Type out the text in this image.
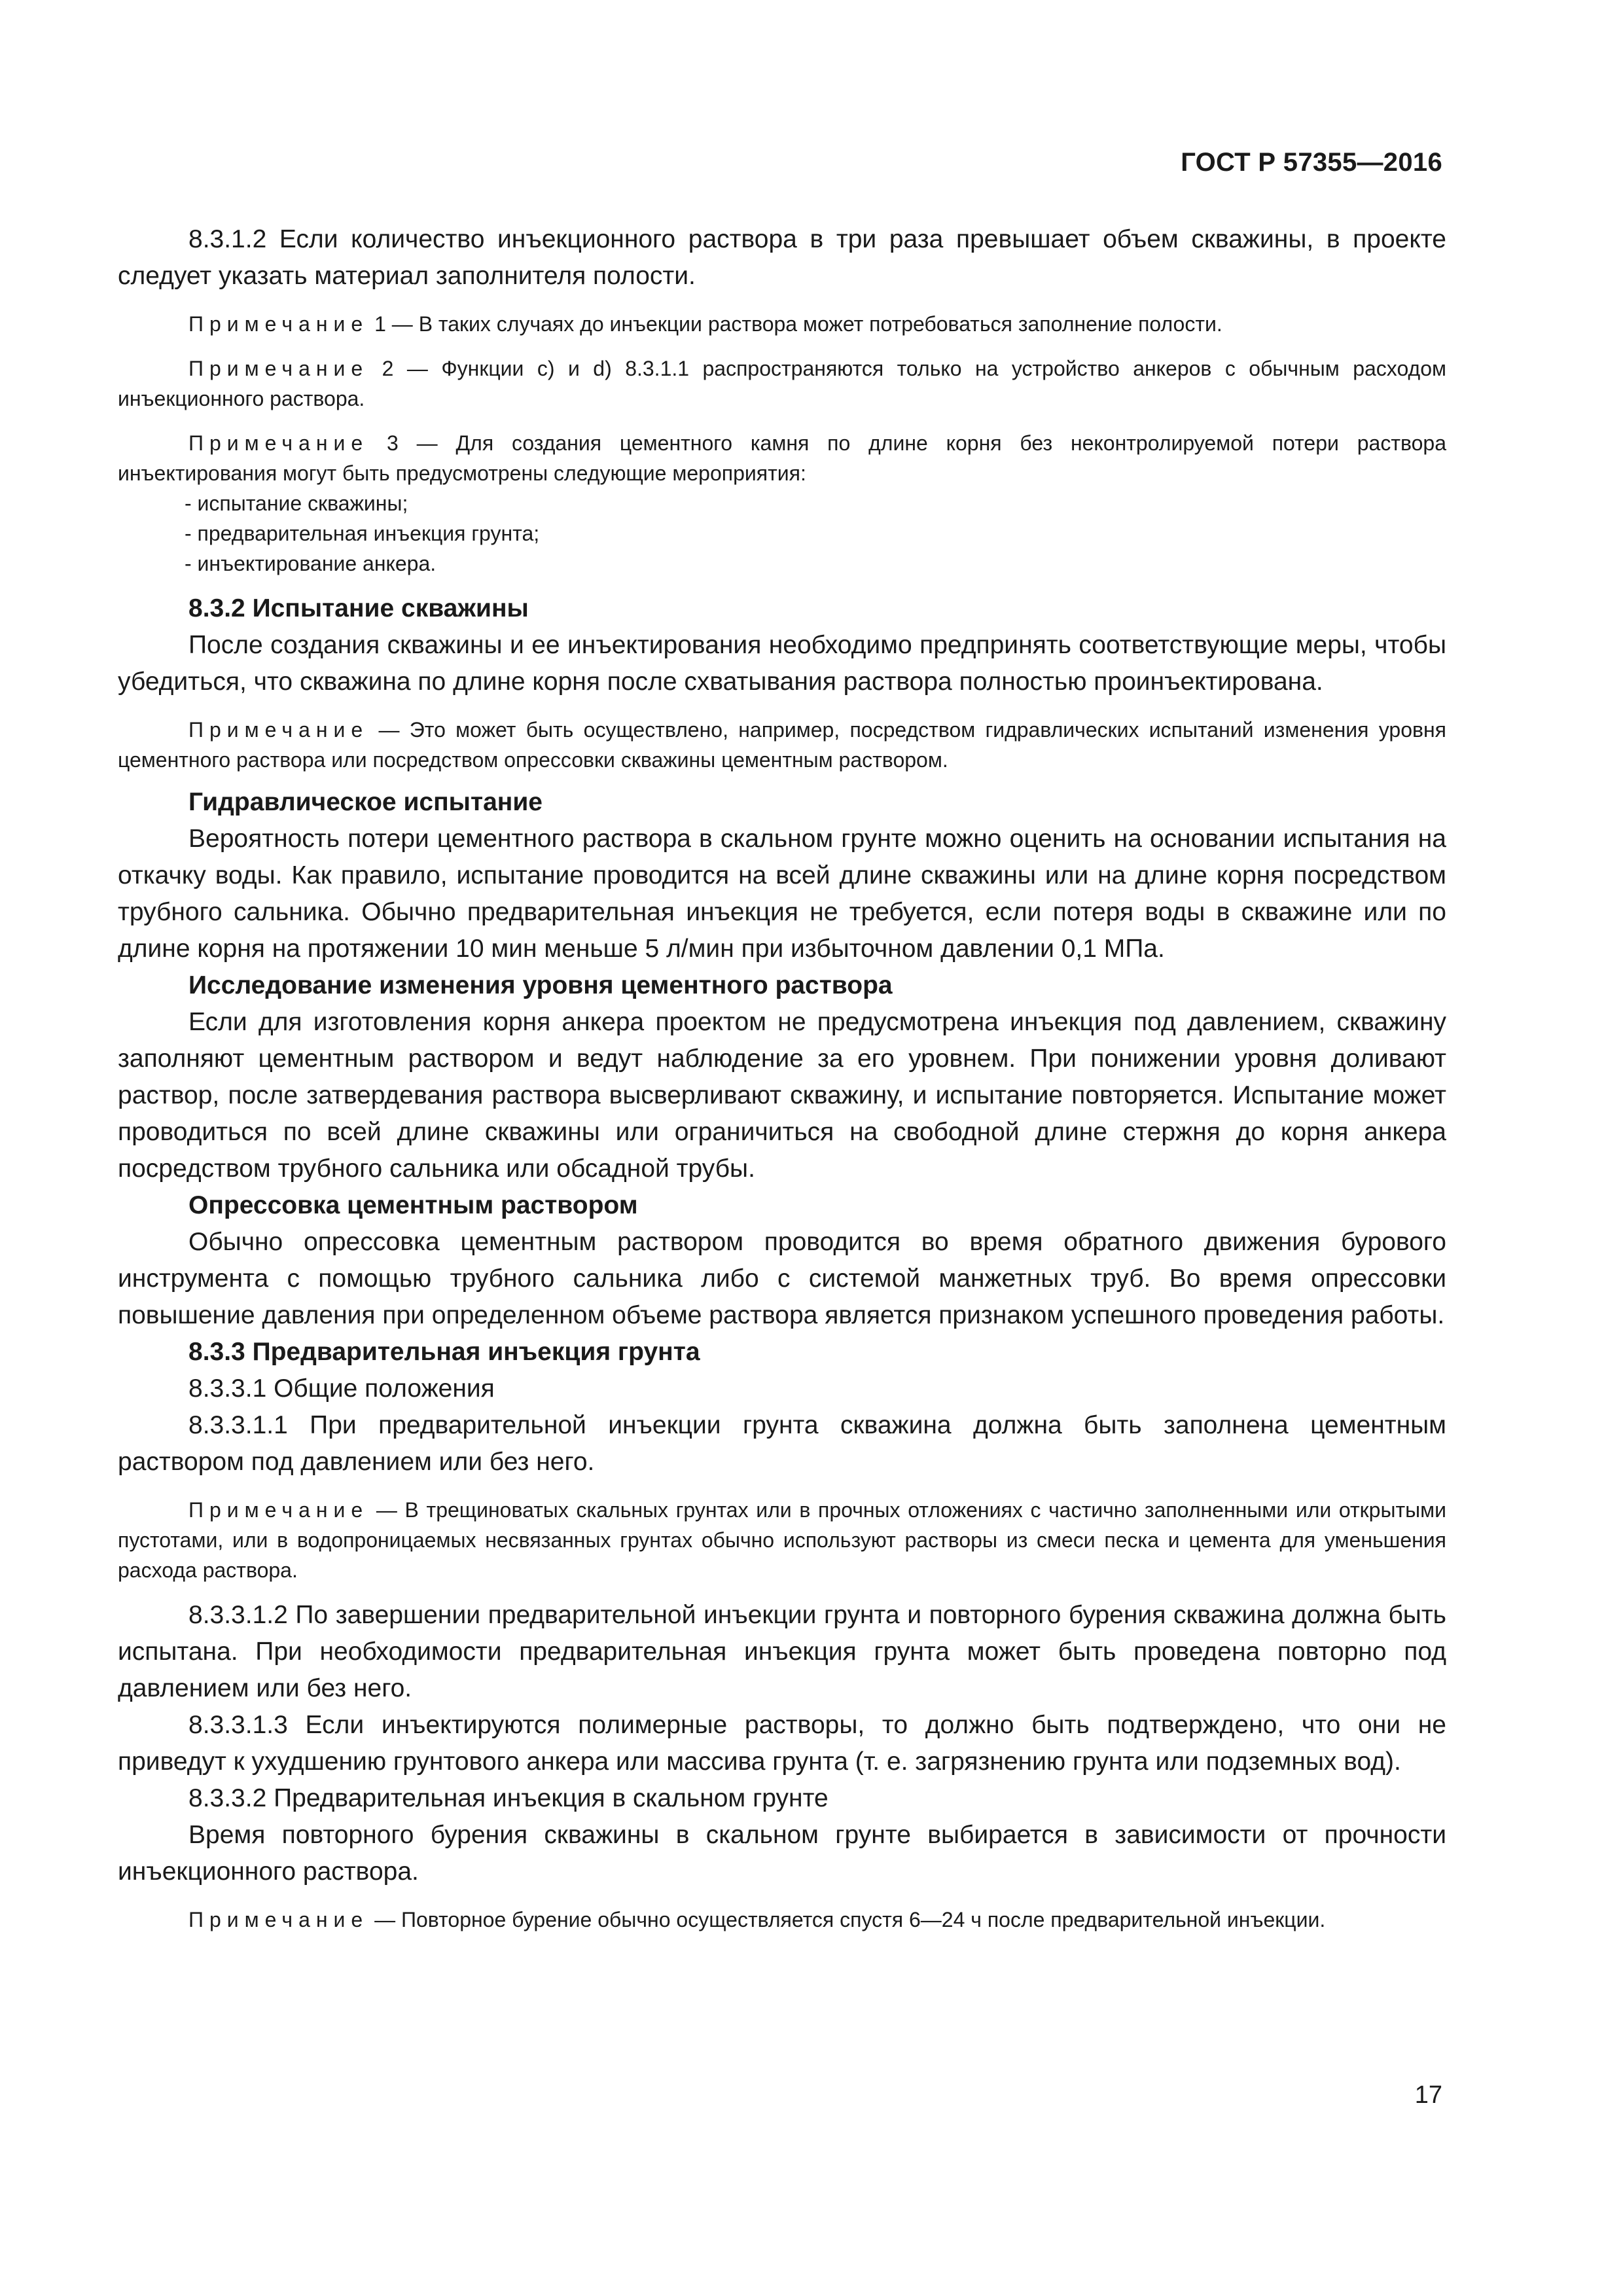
ГОСТ Р 57355—2016

8.3.1.2 Если количество инъекционного раствора в три раза превышает объем скважины, в проекте следует указать материал заполнителя полости.

Примечание 1 — В таких случаях до инъекции раствора может потребоваться заполнение полости.

Примечание 2 — Функции с) и d) 8.3.1.1 распространяются только на устройство анкеров с обычным расходом инъекционного раствора.

Примечание 3 — Для создания цементного камня по длине корня без неконтролируемой потери раствора инъектирования могут быть предусмотрены следующие мероприятия:

- испытание скважины;
- предварительная инъекция грунта;
- инъектирование анкера.

8.3.2 Испытание скважины

После создания скважины и ее инъектирования необходимо предпринять соответствующие меры, чтобы убедиться, что скважина по длине корня после схватывания раствора полностью проинъектирована.

Примечание — Это может быть осуществлено, например, посредством гидравлических испытаний изменения уровня цементного раствора или посредством опрессовки скважины цементным раствором.

Гидравлическое испытание

Вероятность потери цементного раствора в скальном грунте можно оценить на основании испытания на откачку воды. Как правило, испытание проводится на всей длине скважины или на длине корня посредством трубного сальника. Обычно предварительная инъекция не требуется, если потеря воды в скважине или по длине корня на протяжении 10 мин меньше 5 л/мин при избыточном давлении 0,1 МПа.

Исследование изменения уровня цементного раствора

Если для изготовления корня анкера проектом не предусмотрена инъекция под давлением, скважину заполняют цементным раствором и ведут наблюдение за его уровнем. При понижении уровня доливают раствор, после затвердевания раствора высверливают скважину, и испытание повторяется. Испытание может проводиться по всей длине скважины или ограничиться на свободной длине стержня до корня анкера посредством трубного сальника или обсадной трубы.

Опрессовка цементным раствором

Обычно опрессовка цементным раствором проводится во время обратного движения бурового инструмента с помощью трубного сальника либо с системой манжетных труб. Во время опрессовки повышение давления при определенном объеме раствора является признаком успешного проведения работы.

8.3.3 Предварительная инъекция грунта

8.3.3.1 Общие положения

8.3.3.1.1 При предварительной инъекции грунта скважина должна быть заполнена цементным раствором под давлением или без него.

Примечание — В трещиноватых скальных грунтах или в прочных отложениях с частично заполненными или открытыми пустотами, или в водопроницаемых несвязанных грунтах обычно используют растворы из смеси песка и цемента для уменьшения расхода раствора.

8.3.3.1.2 По завершении предварительной инъекции грунта и повторного бурения скважина должна быть испытана. При необходимости предварительная инъекция грунта может быть проведена повторно под давлением или без него.

8.3.3.1.3 Если инъектируются полимерные растворы, то должно быть подтверждено, что они не приведут к ухудшению грунтового анкера или массива грунта (т. е. загрязнению грунта или подземных вод).

8.3.3.2 Предварительная инъекция в скальном грунте

Время повторного бурения скважины в скальном грунте выбирается в зависимости от прочности инъекционного раствора.

Примечание — Повторное бурение обычно осуществляется спустя 6—24 ч после предварительной инъекции.

17
